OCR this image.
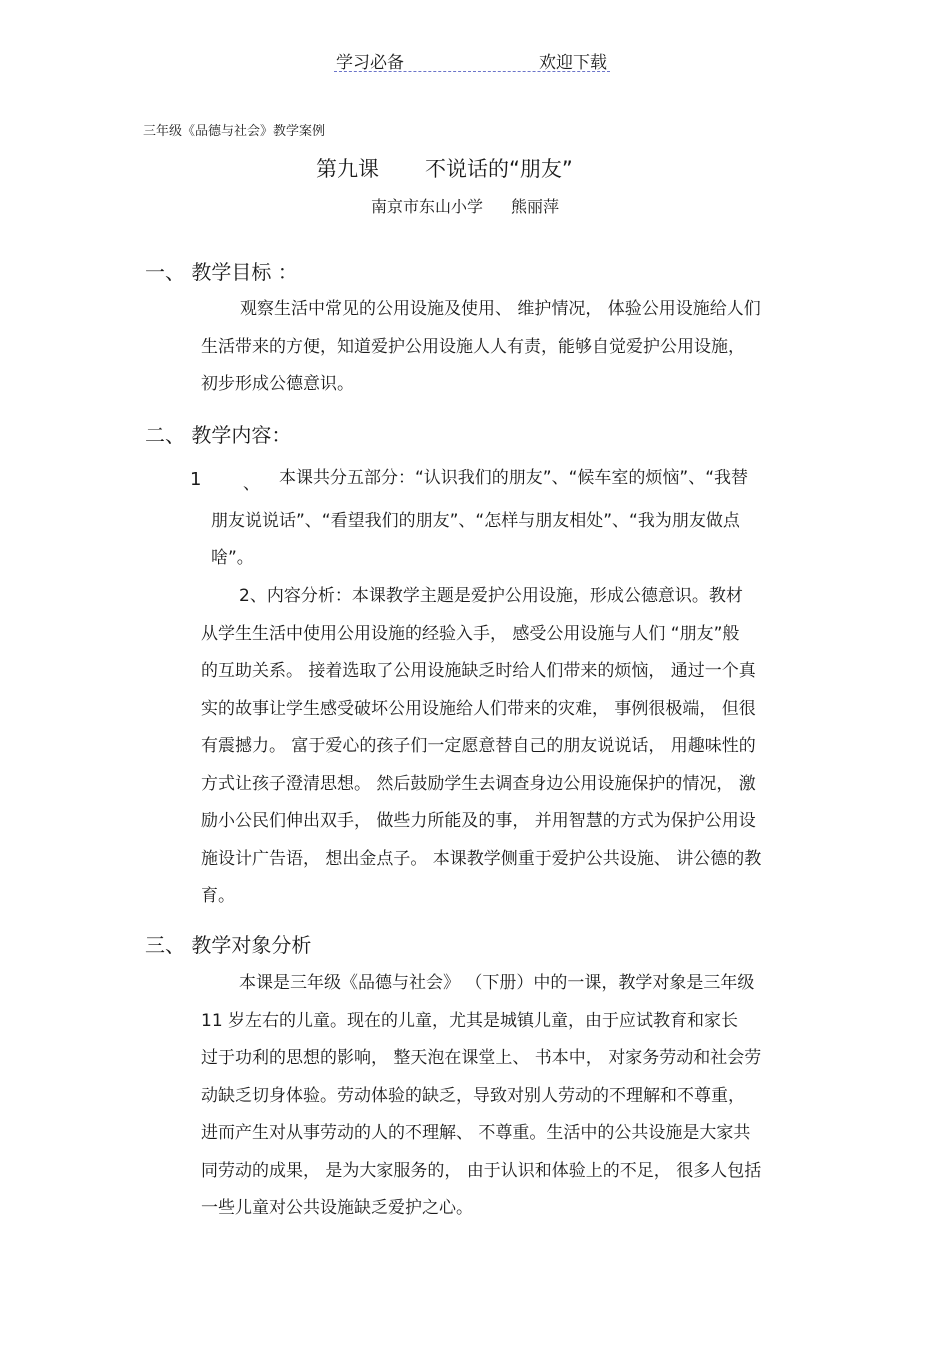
学习必备	欢迎下载
三年级《品德与社会》教学案例
第九课 不说话的“朋友”
南京市东山小学 熊丽萍
一、 教学目标 ：
观察生活中常见的公用设施及使用、 维护情况， 体验公用设施给人们
生活带来的方便，知道爱护公用设施人人有责，能够自觉爱护公用设施，
初步形成公德意识。
二、 教学内容：
1 、	本课共分五部分：“认识我们的朋友”、“候车室的烦恼”、“我替
朋友说说话”、“看望我们的朋友”、“怎样与朋友相处”、“我为朋友做点
啥”。
2、内容分析：本课教学主题是爱护公用设施，形成公德意识。教材
从学生生活中使用公用设施的经验入手， 感受公用设施与人们 “朋友”般
的互助关系。 接着选取了公用设施缺乏时给人们带来的烦恼， 通过一个真
实的故事让学生感受破坏公用设施给人们带来的灾难， 事例很极端， 但很
有震撼力。 富于爱心的孩子们一定愿意替自己的朋友说说话， 用趣味性的
方式让孩子澄清思想。 然后鼓励学生去调查身边公用设施保护的情况， 激
励小公民们伸出双手， 做些力所能及的事， 并用智慧的方式为保护公用设
施设计广告语， 想出金点子。 本课教学侧重于爱护公共设施、 讲公德的教
育。
三、 教学对象分析
本课是三年级《品德与社会》 （下册）中的一课，教学对象是三年级
11 岁左右的儿童。现在的儿童，尤其是城镇儿童，由于应试教育和家长
过于功利的思想的影响， 整天泡在课堂上、 书本中， 对家务劳动和社会劳
动缺乏切身体验。劳动体验的缺乏，导致对别人劳动的不理解和不尊重，
进而产生对从事劳动的人的不理解、 不尊重。生活中的公共设施是大家共
同劳动的成果， 是为大家服务的， 由于认识和体验上的不足， 很多人包括
一些儿童对公共设施缺乏爱护之心。
